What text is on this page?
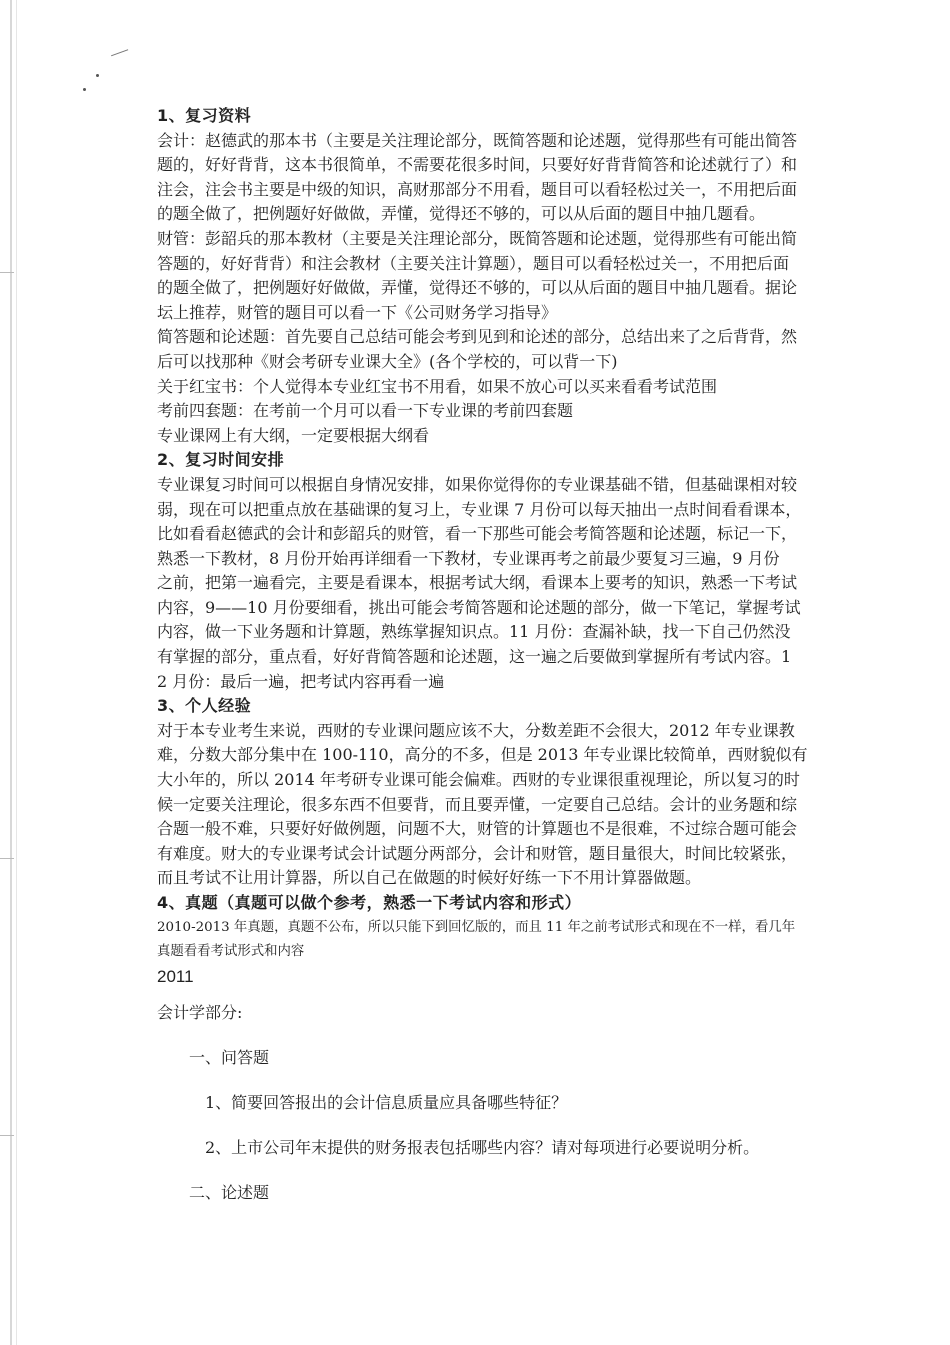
1、复习资料
会计：赵德武的那本书（主要是关注理论部分，既简答题和论述题，觉得那些有可能出简答
题的，好好背背，这本书很简单，不需要花很多时间，只要好好背背简答和论述就行了）和
注会，注会书主要是中级的知识，高财那部分不用看，题目可以看轻松过关一，不用把后面
的题全做了，把例题好好做做，弄懂，觉得还不够的，可以从后面的题目中抽几题看。
财管：彭韶兵的那本教材（主要是关注理论部分，既简答题和论述题，觉得那些有可能出简
答题的，好好背背）和注会教材（主要关注计算题），题目可以看轻松过关一，不用把后面
的题全做了，把例题好好做做，弄懂，觉得还不够的，可以从后面的题目中抽几题看。据论
坛上推荐，财管的题目可以看一下《公司财务学习指导》
简答题和论述题：首先要自己总结可能会考到见到和论述的部分，总结出来了之后背背，然
后可以找那种《财会考研专业课大全》(各个学校的，可以背一下)
关于红宝书：个人觉得本专业红宝书不用看，如果不放心可以买来看看考试范围
考前四套题：在考前一个月可以看一下专业课的考前四套题
专业课网上有大纲，一定要根据大纲看
2、复习时间安排
专业课复习时间可以根据自身情况安排，如果你觉得你的专业课基础不错，但基础课相对较
弱，现在可以把重点放在基础课的复习上，专业课 7 月份可以每天抽出一点时间看看课本，
比如看看赵德武的会计和彭韶兵的财管，看一下那些可能会考简答题和论述题，标记一下，
熟悉一下教材，8 月份开始再详细看一下教材，专业课再考之前最少要复习三遍，9 月份
之前，把第一遍看完，主要是看课本，根据考试大纲，看课本上要考的知识，熟悉一下考试
内容，9——10 月份要细看，挑出可能会考简答题和论述题的部分，做一下笔记，掌握考试
内容，做一下业务题和计算题，熟练掌握知识点。11 月份：查漏补缺，找一下自己仍然没
有掌握的部分，重点看，好好背简答题和论述题，这一遍之后要做到掌握所有考试内容。1
2 月份：最后一遍，把考试内容再看一遍
3、个人经验
对于本专业考生来说，西财的专业课问题应该不大，分数差距不会很大，2012 年专业课教
难，分数大部分集中在 100-110，高分的不多，但是 2013 年专业课比较简单，西财貌似有
大小年的，所以 2014 年考研专业课可能会偏难。西财的专业课很重视理论，所以复习的时
候一定要关注理论，很多东西不但要背，而且要弄懂，一定要自己总结。会计的业务题和综
合题一般不难，只要好好做例题，问题不大，财管的计算题也不是很难，不过综合题可能会
有难度。财大的专业课考试会计试题分两部分，会计和财管，题目量很大，时间比较紧张，
而且考试不让用计算器，所以自己在做题的时候好好练一下不用计算器做题。
4、真题（真题可以做个参考，熟悉一下考试内容和形式）
2010-2013 年真题，真题不公布，所以只能下到回忆版的，而且 11 年之前考试形式和现在不一样，看几年
真题看看考试形式和内容
2011
会计学部分:
一、问答题
1、简要回答报出的会计信息质量应具备哪些特征？
2、上市公司年末提供的财务报表包括哪些内容？请对每项进行必要说明分析。
二、论述题
